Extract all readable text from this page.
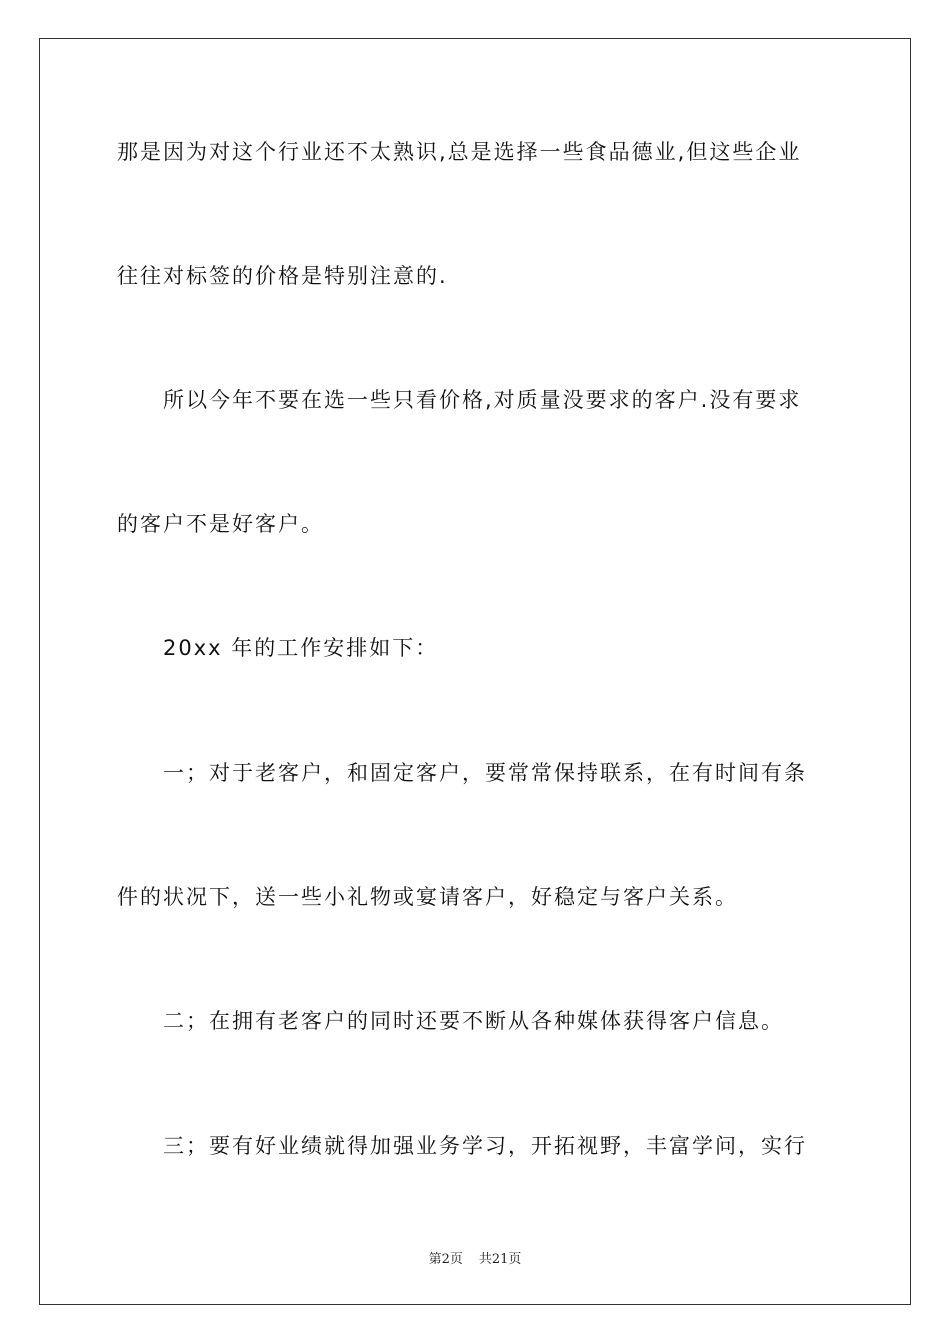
那是因为对这个行业还不太熟识,总是选择一些食品德业,但这些企业
往往对标签的价格是特别注意的.
所以今年不要在选一些只看价格,对质量没要求的客户.没有要求
的客户不是好客户。
20xx 年的工作安排如下：
一；对于老客户，和固定客户，要常常保持联系，在有时间有条
件的状况下，送一些小礼物或宴请客户，好稳定与客户关系。
二；在拥有老客户的同时还要不断从各种媒体获得客户信息。
三；要有好业绩就得加强业务学习，开拓视野，丰富学问，实行
第2页 共21页
